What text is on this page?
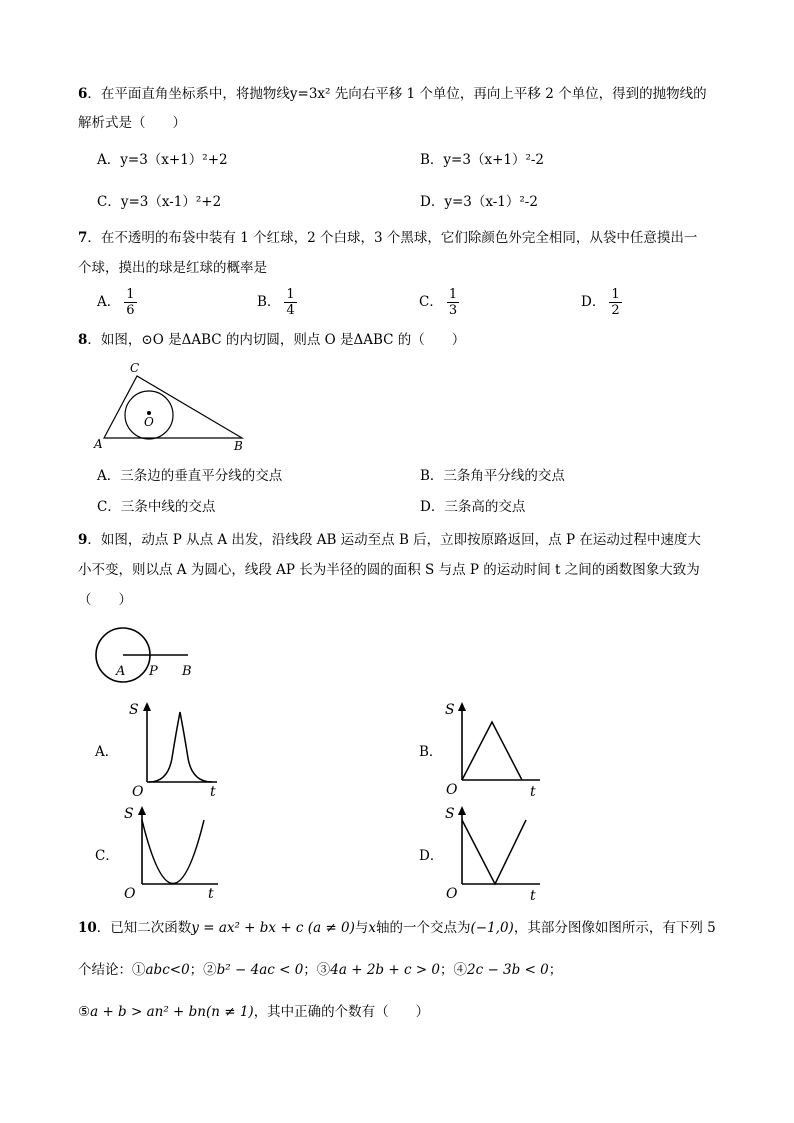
6．在平面直角坐标系中，将抛物线y=3x² 先向右平移 1 个单位，再向上平移 2 个单位，得到的抛物线的
解析式是（　　）
A．y=3（x+1）²+2	B．y=3（x+1）²-2
C．y=3（x-1）²+2	D．y=3（x-1）²-2
7．在不透明的布袋中装有 1 个红球，2 个白球，3 个黑球，它们除颜色外完全相同，从袋中任意摸出一
个球，摸出的球是红球的概率是
A． $\frac{1}{6}$	B． $\frac{1}{4}$	C． $\frac{1}{3}$	D． $\frac{1}{2}$
8．如图，⊙O 是ΔABC 的内切圆，则点 O 是ΔABC 的（　　）
C
A	B
O
A．三条边的垂直平分线的交点	B．三条角平分线的交点
C．三条中线的交点	D．三条高的交点
9．如图，动点 P 从点 A 出发，沿线段 AB 运动至点 B 后，立即按原路返回，点 P 在运动过程中速度大
小不变，则以点 A 为圆心，线段 AP 长为半径的圆的面积 S 与点 P 的运动时间 t 之间的函数图象大致为
（　　）
A P B
A．
S
O	t
B．
S
O	t
C．
S
O	t
D．
S
O	t
10．已知二次函数y = ax² + bx + c (a ≠ 0)与x轴的一个交点为(−1,0)，其部分图像如图所示，有下列 5
个结论：①abc<0；②b² − 4ac < 0；③4a + 2b + c > 0；④2c − 3b < 0；
⑤a + b > an² + bn(n ≠ 1)，其中正确的个数有（　　）
